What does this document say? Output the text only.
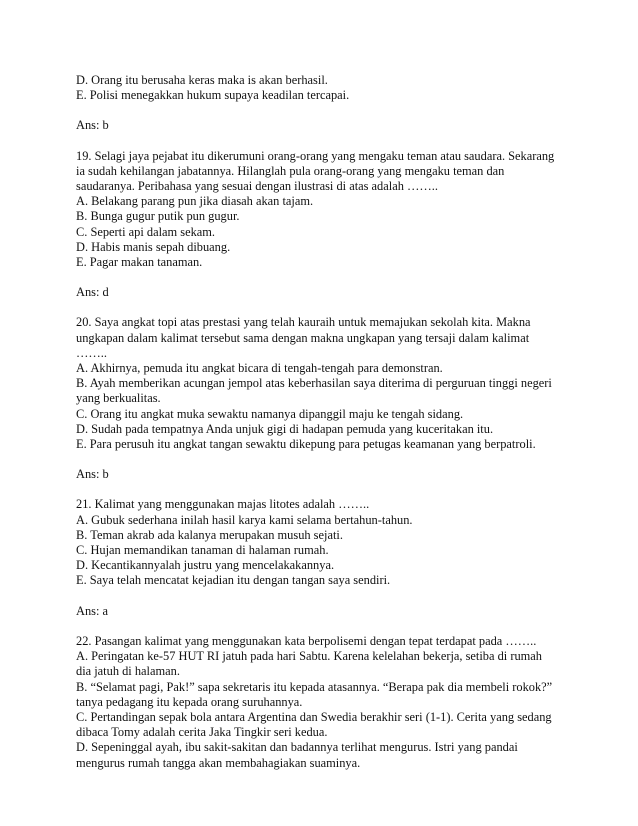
D. Orang itu berusaha keras maka is akan berhasil.
E. Polisi menegakkan hukum supaya keadilan tercapai.
Ans: b
19. Selagi jaya pejabat itu dikerumuni orang-orang yang mengaku teman atau saudara. Sekarang
ia sudah kehilangan jabatannya. Hilanglah pula orang-orang yang mengaku teman dan
saudaranya. Peribahasa yang sesuai dengan ilustrasi di atas adalah ……..
A. Belakang parang pun jika diasah akan tajam.
B. Bunga gugur putik pun gugur.
C. Seperti api dalam sekam.
D. Habis manis sepah dibuang.
E. Pagar makan tanaman.
Ans: d
20. Saya angkat topi atas prestasi yang telah kauraih untuk memajukan sekolah kita. Makna
ungkapan dalam kalimat tersebut sama dengan makna ungkapan yang tersaji dalam kalimat
……..
A. Akhirnya, pemuda itu angkat bicara di tengah-tengah para demonstran.
B. Ayah memberikan acungan jempol atas keberhasilan saya diterima di perguruan tinggi negeri
yang berkualitas.
C. Orang itu angkat muka sewaktu namanya dipanggil maju ke tengah sidang.
D. Sudah pada tempatnya Anda unjuk gigi di hadapan pemuda yang kuceritakan itu.
E. Para perusuh itu angkat tangan sewaktu dikepung para petugas keamanan yang berpatroli.
Ans: b
21. Kalimat yang menggunakan majas litotes adalah ……..
A. Gubuk sederhana inilah hasil karya kami selama bertahun-tahun.
B. Teman akrab ada kalanya merupakan musuh sejati.
C. Hujan memandikan tanaman di halaman rumah.
D. Kecantikannyalah justru yang mencelakakannya.
E. Saya telah mencatat kejadian itu dengan tangan saya sendiri.
Ans: a
22. Pasangan kalimat yang menggunakan kata berpolisemi dengan tepat terdapat pada ……..
A. Peringatan ke-57 HUT RI jatuh pada hari Sabtu. Karena kelelahan bekerja, setiba di rumah
dia jatuh di halaman.
B. “Selamat pagi, Pak!” sapa sekretaris itu kepada atasannya. “Berapa pak dia membeli rokok?”
tanya pedagang itu kepada orang suruhannya.
C. Pertandingan sepak bola antara Argentina dan Swedia berakhir seri (1-1). Cerita yang sedang
dibaca Tomy adalah cerita Jaka Tingkir seri kedua.
D. Sepeninggal ayah, ibu sakit-sakitan dan badannya terlihat mengurus. Istri yang pandai
mengurus rumah tangga akan membahagiakan suaminya.
